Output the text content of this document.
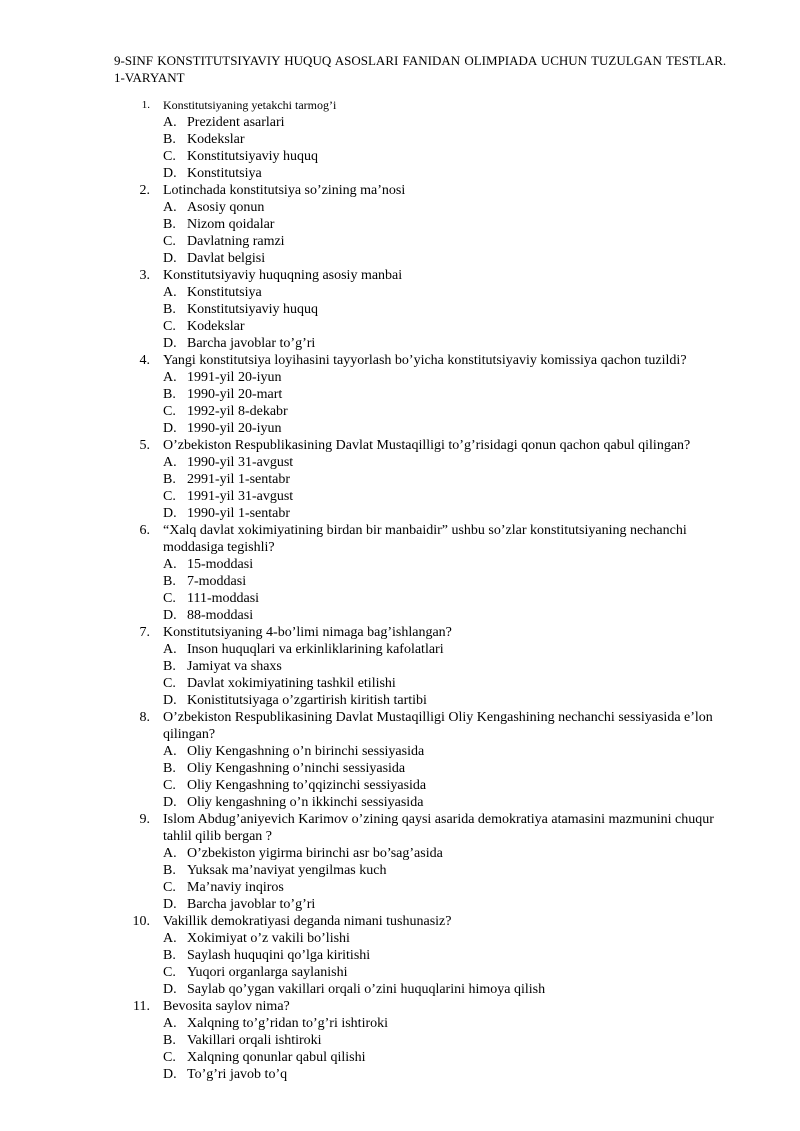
9-SINF KONSTITUTSIYAVIY HUQUQ ASOSLARI FANIDAN OLIMPIADA UCHUN TUZULGAN TESTLAR. 1-VARYANT
1. Konstitutsiyaning yetakchi tarmog’i
A. Prezident asarlari
B. Kodekslar
C. Konstitutsiyaviy huquq
D. Konstitutsiya
2. Lotinchada konstitutsiya so’zining ma’nosi
A. Asosiy qonun
B. Nizom qoidalar
C. Davlatning ramzi
D. Davlat belgisi
3. Konstitutsiyaviy huquqning asosiy manbai
A. Konstitutsiya
B. Konstitutsiyaviy huquq
C. Kodekslar
D. Barcha javoblar to’g’ri
4. Yangi konstitutsiya loyihasini tayyorlash bo’yicha konstitutsiyaviy komissiya qachon tuzildi?
A. 1991-yil 20-iyun
B. 1990-yil 20-mart
C. 1992-yil 8-dekabr
D. 1990-yil 20-iyun
5. O’zbekiston Respublikasining Davlat Mustaqilligi to’g’risidagi qonun qachon qabul qilingan?
A. 1990-yil 31-avgust
B. 2991-yil 1-sentabr
C. 1991-yil 31-avgust
D. 1990-yil 1-sentabr
6. “Xalq davlat xokimiyatining birdan bir manbaidir” ushbu so’zlar konstitutsiyaning nechanchi moddasiga tegishli?
A. 15-moddasi
B. 7-moddasi
C. 111-moddasi
D. 88-moddasi
7. Konstitutsiyaning 4-bo’limi nimaga bag’ishlangan?
A. Inson huquqlari va erkinliklarining kafolatlari
B. Jamiyat va shaxs
C. Davlat xokimiyatining tashkil etilishi
D. Konistitutsiyaga o’zgartirish kiritish tartibi
8. O’zbekiston Respublikasining Davlat Mustaqilligi Oliy Kengashining nechanchi sessiyasida e’lon qilingan?
A. Oliy Kengashning o’n birinchi sessiyasida
B. Oliy Kengashning o’ninchi sessiyasida
C. Oliy Kengashning to’qqizinchi sessiyasida
D. Oliy kengashning o’n ikkinchi sessiyasida
9. Islom Abdug’aniyevich Karimov o’zining qaysi asarida demokratiya atamasini mazmunini chuqur tahlil qilib bergan ?
A. O’zbekiston yigirma birinchi asr bo’sag’asida
B. Yuksak ma’naviyat yengilmas kuch
C. Ma’naviy inqiros
D. Barcha javoblar to’g’ri
10. Vakillik demokratiyasi deganda nimani tushunasiz?
A. Xokimiyat o’z vakili bo’lishi
B. Saylash huquqini qo’lga kiritishi
C. Yuqori organlarga saylanishi
D. Saylab qo’ygan vakillari orqali o’zini huquqlarini himoya qilish
11. Bevosita saylov nima?
A. Xalqning to’g’ridan to’g’ri ishtiroki
B. Vakillari orqali ishtiroki
C. Xalqning qonunlar qabul qilishi
D. To’g’ri javob to’q
